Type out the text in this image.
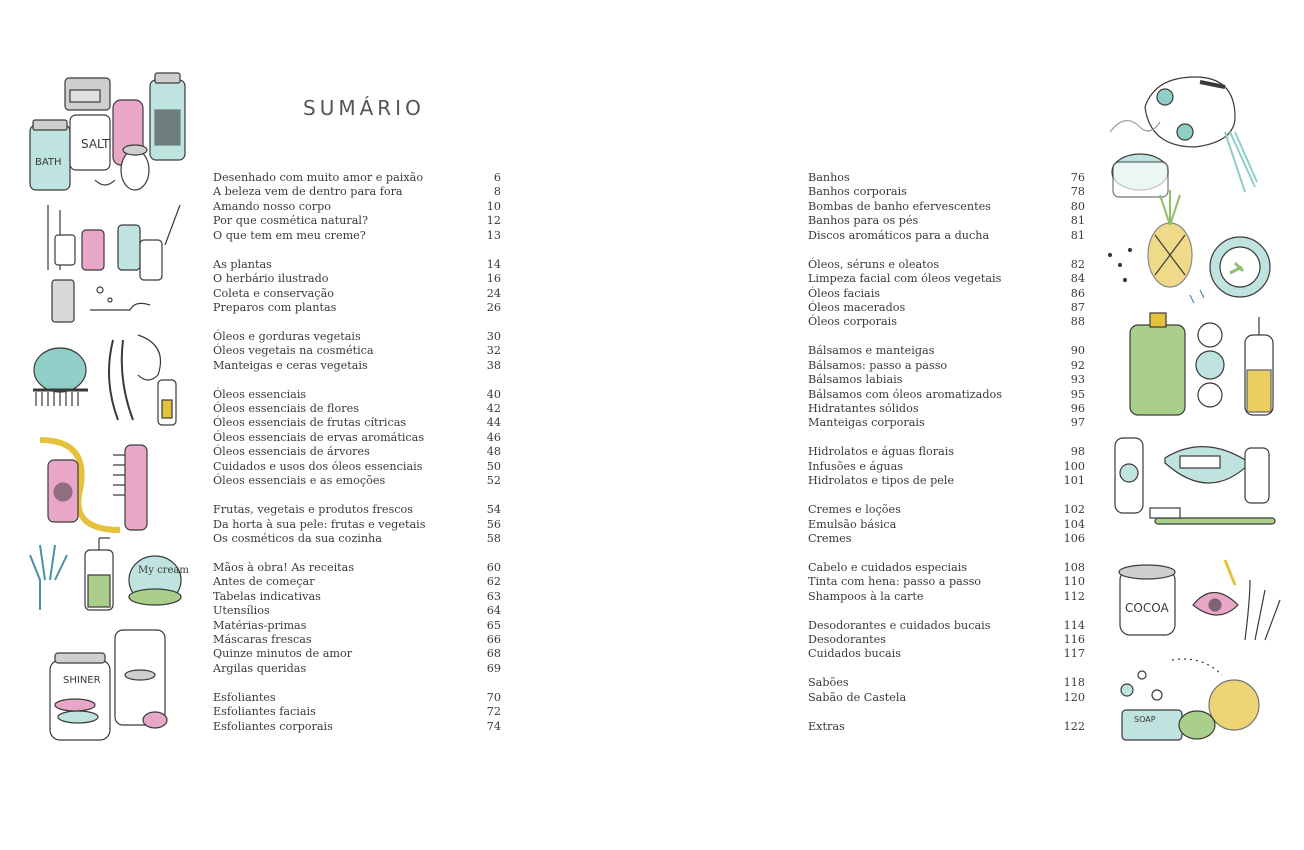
SUMÁRIO
Desenhado com muito amor e paixão	6
A beleza vem de dentro para fora	8
Amando nosso corpo	10
Por que cosmética natural?	12
O que tem em meu creme?	13
As plantas	14
O herbário ilustrado	16
Coleta e conservação	24
Preparos com plantas	26
Óleos e gorduras vegetais	30
Óleos vegetais na cosmética	32
Manteigas e ceras vegetais	38
Óleos essenciais	40
Óleos essenciais de flores	42
Óleos essenciais de frutas cítricas	44
Óleos essenciais de ervas aromáticas	46
Óleos essenciais de árvores	48
Cuidados e usos dos óleos essenciais	50
Óleos essenciais e as emoções	52
Frutas, vegetais e produtos frescos	54
Da horta à sua pele: frutas e vegetais	56
Os cosméticos da sua cozinha	58
Mãos à obra! As receitas	60
Antes de começar	62
Tabelas indicativas	63
Utensílios	64
Matérias-primas	65
Máscaras frescas	66
Quinze minutos de amor	68
Argilas queridas	69
Esfoliantes	70
Esfoliantes faciais	72
Esfoliantes corporais	74
Banhos	76
Banhos corporais	78
Bombas de banho efervescentes	80
Banhos para os pés	81
Discos aromáticos para a ducha	81
Óleos, séruns e oleatos	82
Limpeza facial com óleos vegetais	84
Óleos faciais	86
Óleos macerados	87
Óleos corporais	88
Bálsamos e manteigas	90
Bálsamos: passo a passo	92
Bálsamos labiais	93
Bálsamos com óleos aromatizados	95
Hidratantes sólidos	96
Manteigas corporais	97
Hidrolatos e águas florais	98
Infusões e águas	100
Hidrolatos e tipos de pele	101
Cremes e loções	102
Emulsão básica	104
Cremes	106
Cabelo e cuidados especiais	108
Tinta com hena: passo a passo	110
Shampoos à la carte	112
Desodorantes e cuidados bucais	114
Desodorantes	116
Cuidados bucais	117
Sabões	118
Sabão de Castela	120
Extras	122
SALT
BATH
My cream
SHINER
COCOA
SOAP
